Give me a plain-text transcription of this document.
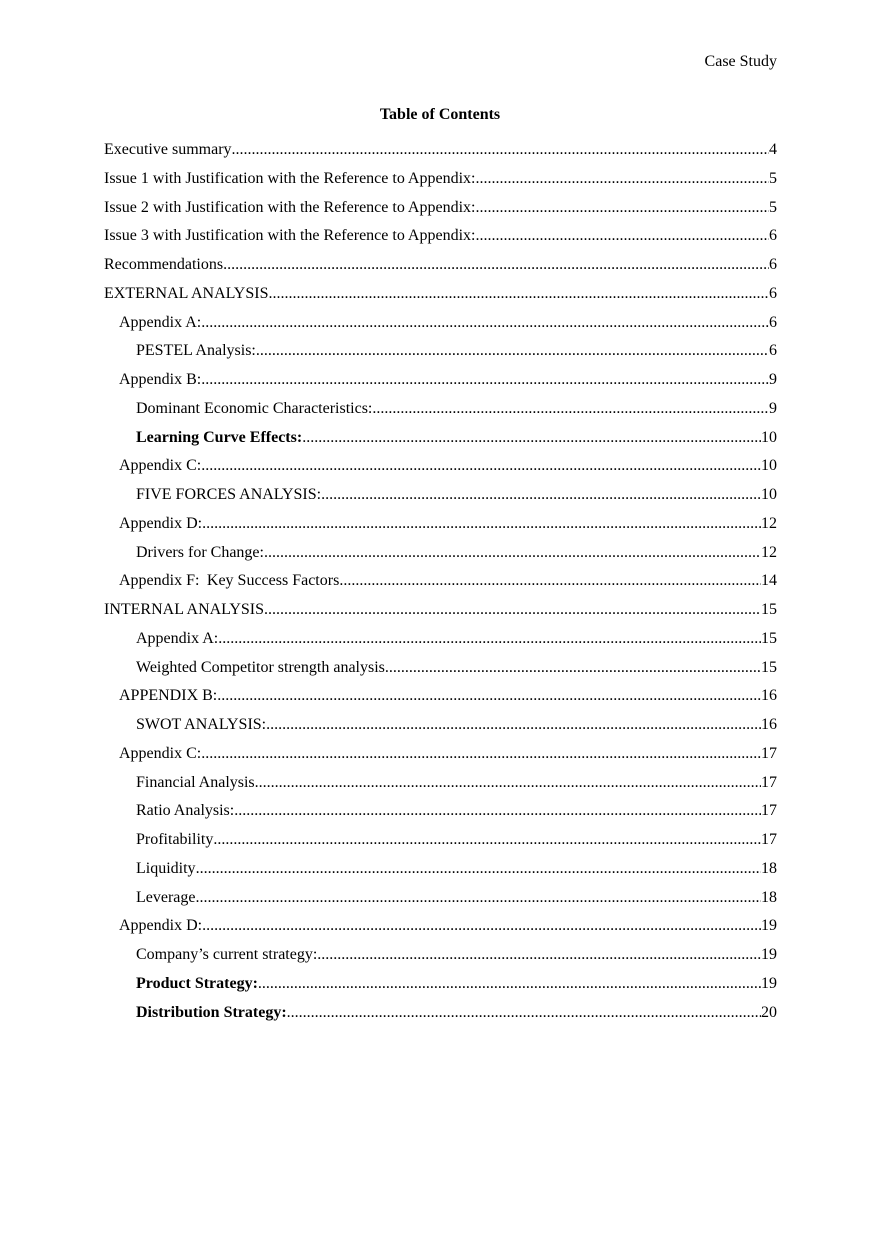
Case Study
Table of Contents
Executive summary .....	4
Issue 1 with Justification with the Reference to Appendix: .....	5
Issue 2 with Justification with the Reference to Appendix: .....	5
Issue 3 with Justification with the Reference to Appendix: .....	6
Recommendations .....	6
EXTERNAL ANALYSIS .....	6
Appendix A: .....	6
PESTEL Analysis: .....	6
Appendix B: .....	9
Dominant Economic Characteristics: .....	9
Learning Curve Effects: .....	10
Appendix C: .....	10
FIVE FORCES ANALYSIS: .....	10
Appendix D: .....	12
Drivers for Change: .....	12
Appendix F: Key Success Factors .....	14
INTERNAL ANALYSIS .....	15
Appendix A: .....	15
Weighted Competitor strength analysis .....	15
APPENDIX B: .....	16
SWOT ANALYSIS: .....	16
Appendix C: .....	17
Financial Analysis .....	17
Ratio Analysis: .....	17
Profitability .....	17
Liquidity .....	18
Leverage .....	18
Appendix D: .....	19
Company’s current strategy: .....	19
Product Strategy: .....	19
Distribution Strategy: .....	20
